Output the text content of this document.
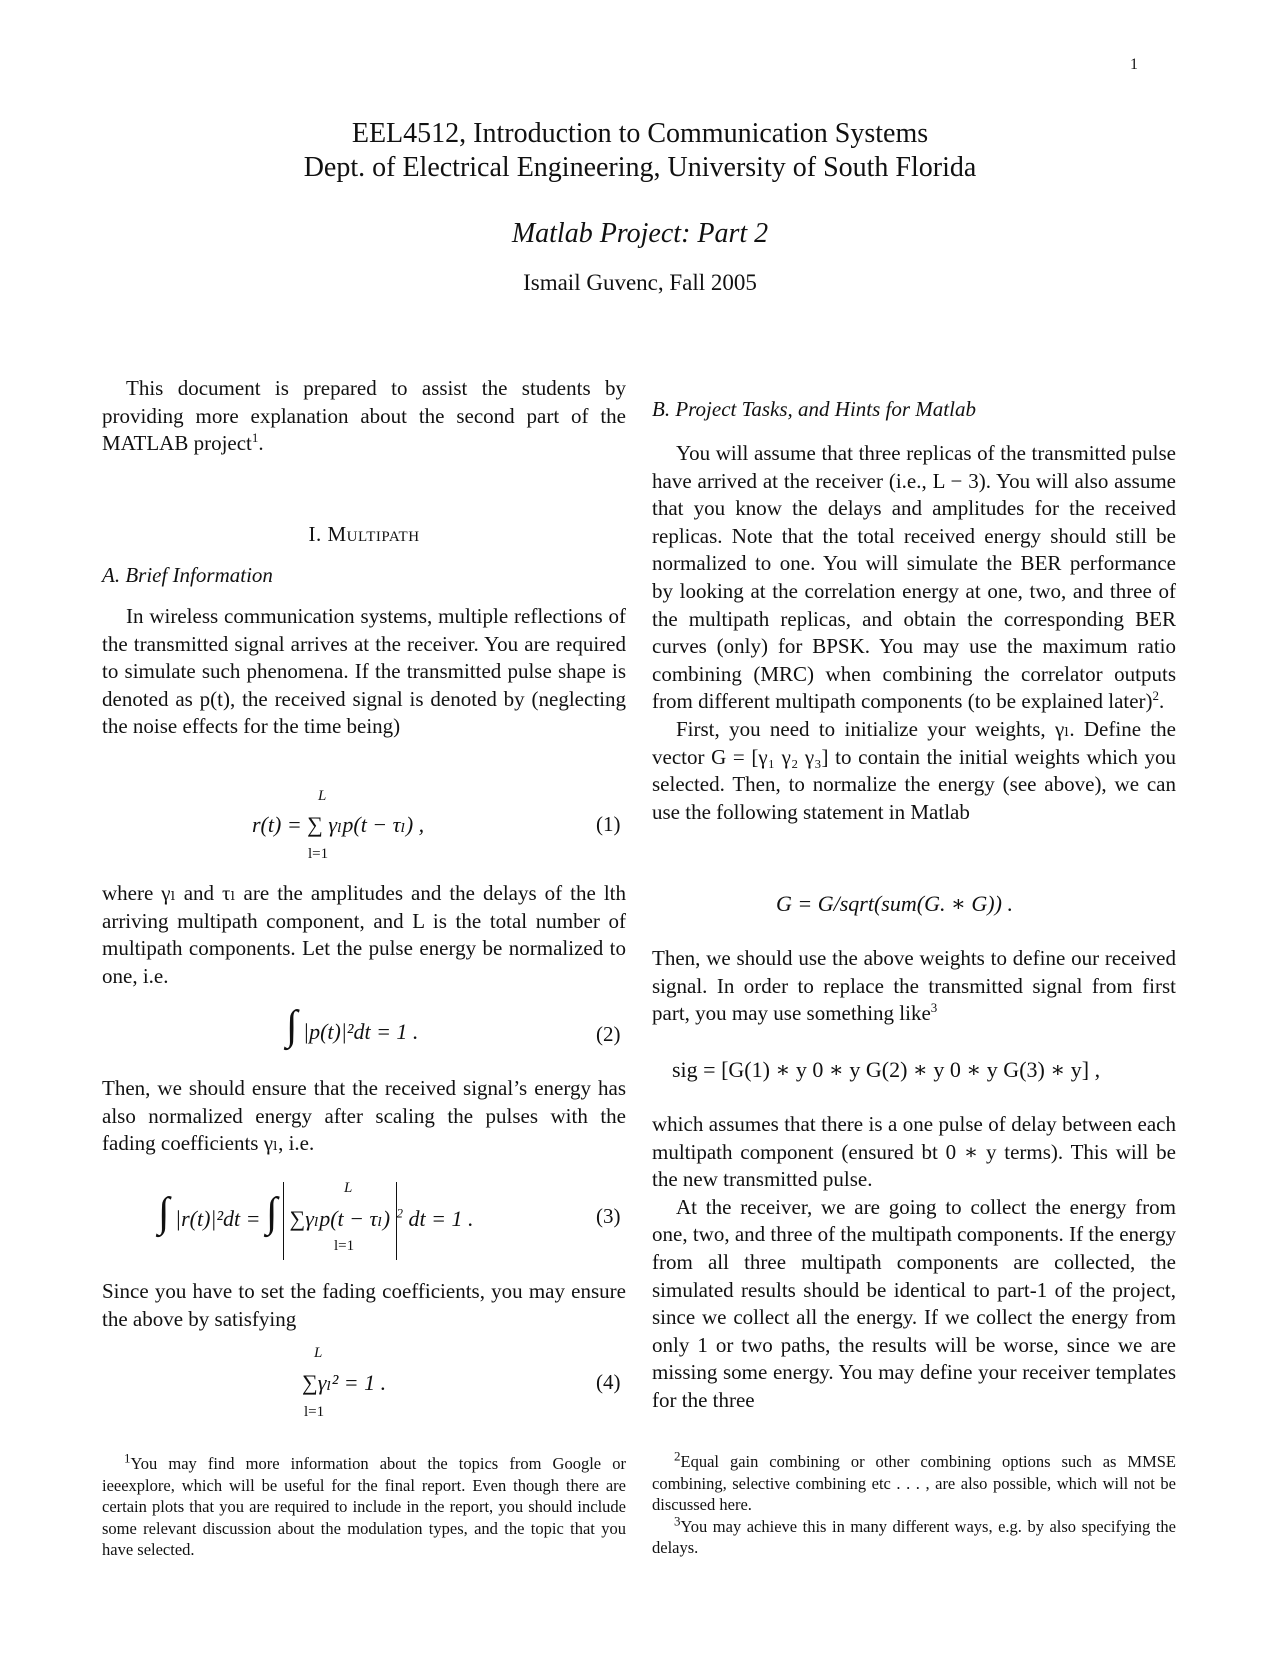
1
EEL4512, Introduction to Communication Systems
Dept. of Electrical Engineering, University of South Florida
Matlab Project: Part 2
Ismail Guvenc, Fall 2005

This document is prepared to assist the students by providing more explanation about the second part of the MATLAB project$^1$.

I. Multipath
A. Brief Information

In wireless communication systems, multiple reflections of the transmitted signal arrives at the receiver. You are required to simulate such phenomena. If the transmitted pulse shape is denoted as p(t), the received signal is denoted by (neglecting the noise effects for the time being)

r(t) = ∑ γₗp(t − τₗ) ,
L
l=1
(1)

where γₗ and τₗ are the amplitudes and the delays of the lth arriving multipath component, and L is the total number of multipath components. Let the pulse energy be normalized to one, i.e.

∫ |p(t)|²dt = 1 .	(2)

Then, we should ensure that the received signal’s energy has also normalized energy after scaling the pulses with the fading coefficients γₗ, i.e.

∫ |r(t)|²dt = ∫ ∑γₗp(t − τₗ) $^2$ dt = 1 .
L
l=1
(3)

Since you have to set the fading coefficients, you may ensure the above by satisfying

∑γₗ² = 1 .
L
l=1
(4)

$^1$You may find more information about the topics from Google or ieeexplore, which will be useful for the final report. Even though there are certain plots that you are required to include in the report, you should include some relevant discussion about the modulation types, and the topic that you have selected.

B. Project Tasks, and Hints for Matlab

You will assume that three replicas of the transmitted pulse have arrived at the receiver (i.e., L − 3). You will also assume that you know the delays and amplitudes for the received replicas. Note that the total received energy should still be normalized to one. You will simulate the BER performance by looking at the correlation energy at one, two, and three of the multipath replicas, and obtain the corresponding BER curves (only) for BPSK. You may use the maximum ratio combining (MRC) when combining the correlator outputs from different multipath components (to be explained later)$^2$.

First, you need to initialize your weights, γₗ. Define the vector G = [γ₁ γ₂ γ₃] to contain the initial weights which you selected. Then, to normalize the energy (see above), we can use the following statement in Matlab

G = G/sqrt(sum(G. ∗ G)) .

Then, we should use the above weights to define our received signal. In order to replace the transmitted signal from first part, you may use something like$^3$

sig = [G(1) ∗ y 0 ∗ y G(2) ∗ y 0 ∗ y G(3) ∗ y] ,

which assumes that there is a one pulse of delay between each multipath component (ensured bt 0 ∗ y terms). This will be the new transmitted pulse.

At the receiver, we are going to collect the energy from one, two, and three of the multipath components. If the energy from all three multipath components are collected, the simulated results should be identical to part-1 of the project, since we collect all the energy. If we collect the energy from only 1 or two paths, the results will be worse, since we are missing some energy. You may define your receiver templates for the three

$^2$Equal gain combining or other combining options such as MMSE combining, selective combining etc . . . , are also possible, which will not be discussed here.

$^3$You may achieve this in many different ways, e.g. by also specifying the delays.
